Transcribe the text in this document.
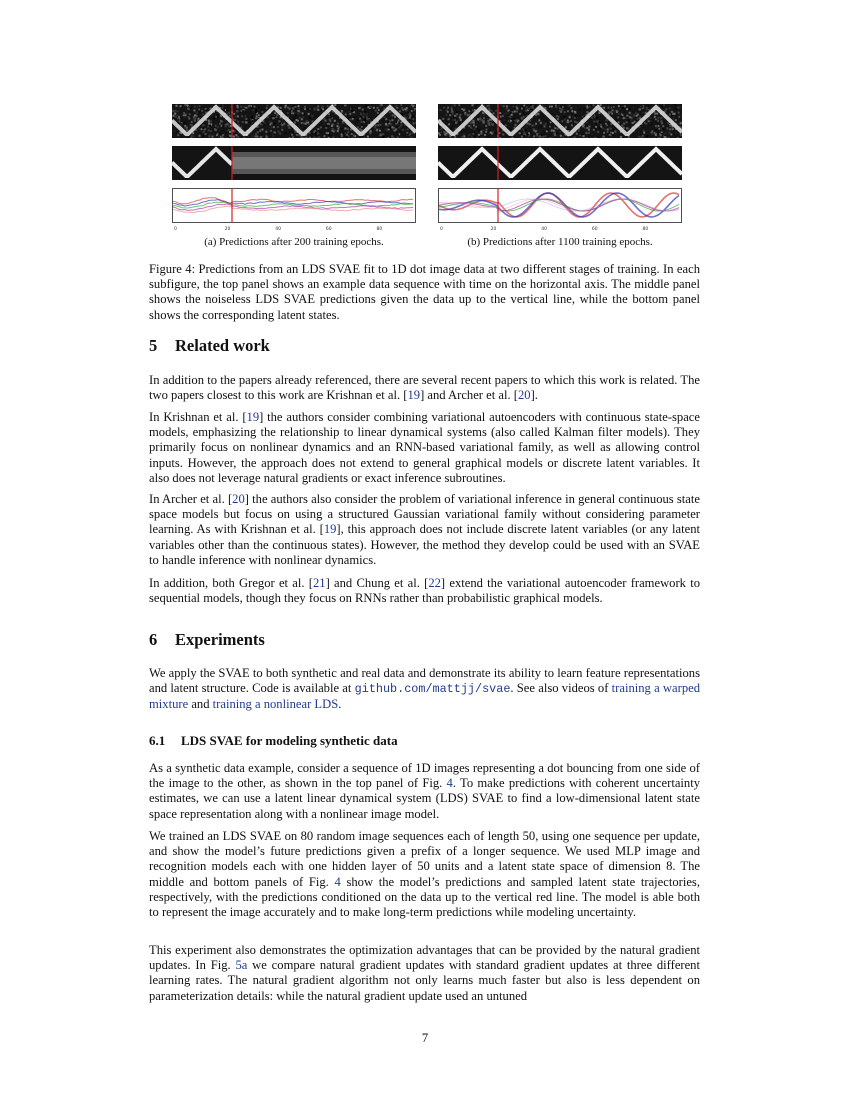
0	20	40	60	80	0	20	40	60	80
(a) Predictions after 200 training epochs.	(b) Predictions after 1100 training epochs.

Figure 4: Predictions from an LDS SVAE fit to 1D dot image data at two different stages of training. In each subfigure, the top panel shows an example data sequence with time on the horizontal axis. The middle panel shows the noiseless LDS SVAE predictions given the data up to the vertical line, while the bottom panel shows the corresponding latent states.

5 Related work

In addition to the papers already referenced, there are several recent papers to which this work is related. The two papers closest to this work are Krishnan et al. [19] and Archer et al. [20].

In Krishnan et al. [19] the authors consider combining variational autoencoders with continuous state-space models, emphasizing the relationship to linear dynamical systems (also called Kalman filter models). They primarily focus on nonlinear dynamics and an RNN-based variational family, as well as allowing control inputs. However, the approach does not extend to general graphical models or discrete latent variables. It also does not leverage natural gradients or exact inference subroutines.

In Archer et al. [20] the authors also consider the problem of variational inference in general continuous state space models but focus on using a structured Gaussian variational family without considering parameter learning. As with Krishnan et al. [19], this approach does not include discrete latent variables (or any latent variables other than the continuous states). However, the method they develop could be used with an SVAE to handle inference with nonlinear dynamics.

In addition, both Gregor et al. [21] and Chung et al. [22] extend the variational autoencoder framework to sequential models, though they focus on RNNs rather than probabilistic graphical models.

6 Experiments

We apply the SVAE to both synthetic and real data and demonstrate its ability to learn feature representations and latent structure. Code is available at github.com/mattjj/svae. See also videos of training a warped mixture and training a nonlinear LDS.

6.1 LDS SVAE for modeling synthetic data

As a synthetic data example, consider a sequence of 1D images representing a dot bouncing from one side of the image to the other, as shown in the top panel of Fig. 4. To make predictions with coherent uncertainty estimates, we can use a latent linear dynamical system (LDS) SVAE to find a low-dimensional latent state space representation along with a nonlinear image model.

We trained an LDS SVAE on 80 random image sequences each of length 50, using one sequence per update, and show the model’s future predictions given a prefix of a longer sequence. We used MLP image and recognition models each with one hidden layer of 50 units and a latent state space of dimension 8. The middle and bottom panels of Fig. 4 show the model’s predictions and sampled latent state trajectories, respectively, with the predictions conditioned on the data up to the vertical red line. The model is able both to represent the image accurately and to make long-term predictions while modeling uncertainty.

This experiment also demonstrates the optimization advantages that can be provided by the natural gradient updates. In Fig. 5a we compare natural gradient updates with standard gradient updates at three different learning rates. The natural gradient algorithm not only learns much faster but also is less dependent on parameterization details: while the natural gradient update used an untuned

7
